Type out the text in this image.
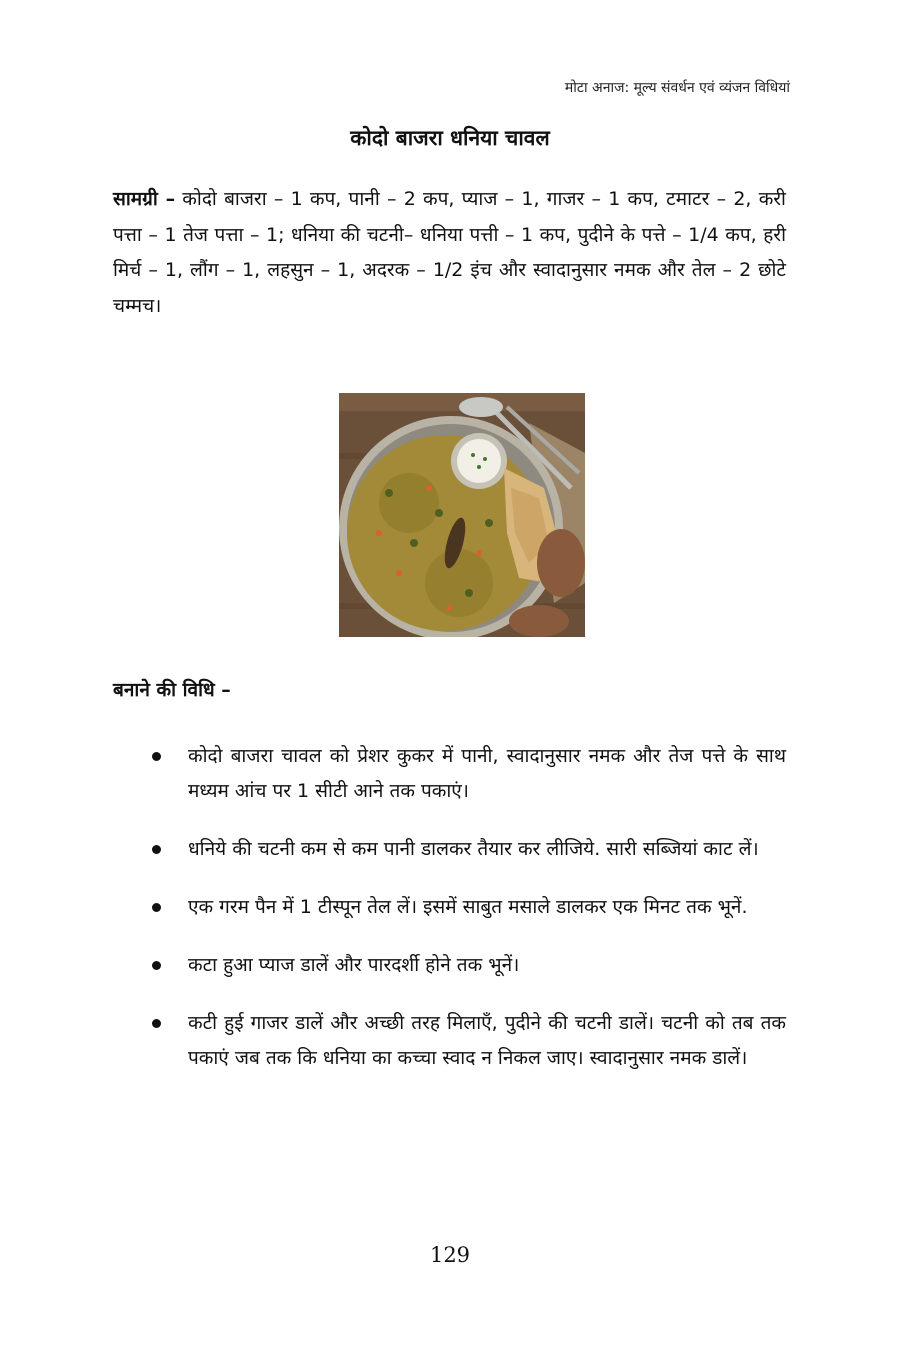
मोटा अनाज: मूल्य संवर्धन एवं व्यंजन विधियां
कोदो बाजरा धनिया चावल

सामग्री – कोदो बाजरा – 1 कप, पानी – 2 कप, प्याज – 1, गाजर – 1 कप, टमाटर – 2, करी पत्ता – 1 तेज पत्ता – 1; धनिया की चटनी– धनिया पत्ती – 1 कप, पुदीने के पत्ते – 1/4 कप, हरी मिर्च – 1, लौंग – 1, लहसुन – 1, अदरक – 1/2 इंच और स्वादानुसार नमक और तेल – 2 छोटे चम्मच।

बनाने की विधि –
कोदो बाजरा चावल को प्रेशर कुकर में पानी, स्वादानुसार नमक और तेज पत्ते के साथ मध्यम आंच पर 1 सीटी आने तक पकाएं।
धनिये की चटनी कम से कम पानी डालकर तैयार कर लीजिये. सारी सब्जियां काट लें।
एक गरम पैन में 1 टीस्पून तेल लें। इसमें साबुत मसाले डालकर एक मिनट तक भूनें.
कटा हुआ प्याज डालें और पारदर्शी होने तक भूनें।
कटी हुई गाजर डालें और अच्छी तरह मिलाएँ, पुदीने की चटनी डालें। चटनी को तब तक पकाएं जब तक कि धनिया का कच्चा स्वाद न निकल जाए। स्वादानुसार नमक डालें।

129
